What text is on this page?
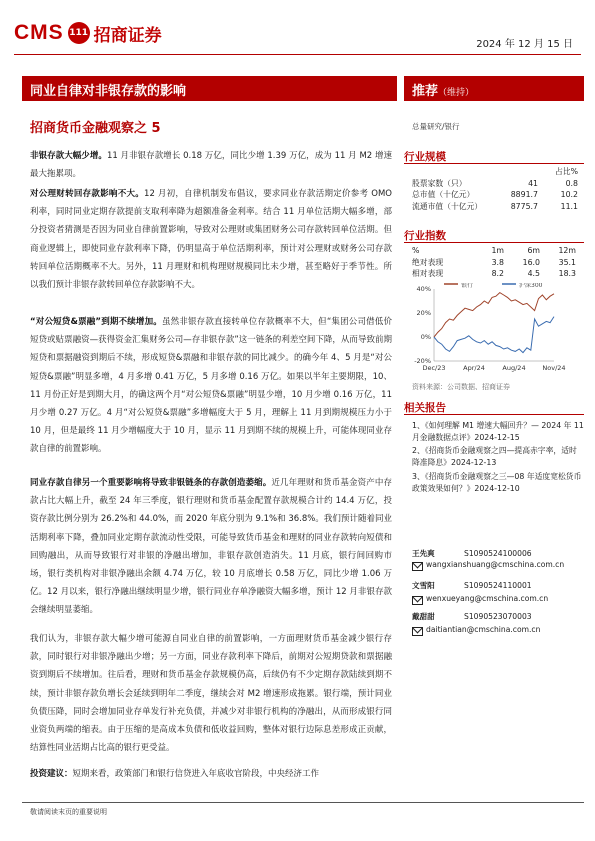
CMS 111 招商证券	2024 年 12 月 15 日
同业自律对非银存款的影响
招商货币金融观察之 5
推荐（维持）
总量研究/银行
非银存款大幅少增。11 月非银存款增长 0.18 万亿，同比少增 1.39 万亿，成为 11 月 M2 增速最大拖累项。
对公理财转回存款影响不大。12 月初，自律机制发布倡议，要求同业存款活期定价参考 OMO 利率，同时同业定期存款提前支取利率降为超额准备金利率。结合 11 月单位活期大幅多增，部分投资者猜测是否因为同业自律前置影响，导致对公理财或集团财务公司存款转回单位活期。但商业逻辑上，即使同业存款利率下降，仍明显高于单位活期利率，预计对公理财或财务公司存款转回单位活期概率不大。另外，11 月理财和机构理财规模同比未少增，甚至略好于季节性。所以我们预计非银存款转回单位存款影响不大。
“对公短贷&票融”到期不续增加。虽然非银存款直接转单位存款概率不大，但“集团公司借低价短贷或贴票融资—获得资金汇集财务公司—存非银存款”这一链条的利差空间下降，从而导致前期短贷和票据融资到期后不续，形成短贷&票融和非银存款的同比减少。的确今年 4、5 月是“对公短贷&票融”明显多增，4 月多增 0.41 万亿，5 月多增 0.16 万亿。如果以半年主要期限，10、11 月份正好是到期大月，的确这两个月“对公短贷&票融”明显少增，10 月少增 0.16 万亿，11 月少增 0.27 万亿。4 月“对公短贷&票融”多增幅度大于 5 月，理解上 11 月到期规模压力小于 10 月，但是最终 11 月少增幅度大于 10 月，显示 11 月到期不续的规模上升，可能体现同业存款自律的前置影响。
同业存款自律另一个重要影响将导致非银链条的存款创造萎缩。近几年理财和货币基金资产中存款占比大幅上升，截至 24 年三季度，银行理财和货币基金配置存款规模合计约 14.4 万亿，投资存款比例分别为 26.2%和 44.0%，而 2020 年底分别为 9.1%和 36.8%。我们预计随着同业活期利率下降，叠加同业定期存款流动性受限，可能导致货币基金和理财的同业存款转向短债和回购融出，从而导致银行对非银的净融出增加，非银存款创造消失。11 月底，银行间回购市场，银行类机构对非银净融出余额 4.74 万亿，较 10 月底增长 0.58 万亿，同比少增 1.06 万亿。12 月以来，银行净融出继续明显少增，银行同业存单净融资大幅多增，预计 12 月非银存款会继续明显萎缩。
我们认为，非银存款大幅少增可能源自同业自律的前置影响，一方面理财货币基金减少银行存款，同时银行对非银净融出少增；另一方面，同业存款利率下降后，前期对公短期贷款和票据融资到期后不续增加。往后看，理财和货币基金存款规模仍高，后续仍有不少定期存款陆续到期不续，预计非银存款负增长会延续到明年二季度，继续会对 M2 增速形成拖累。银行端，预计同业负债压降，同时会增加同业存单发行补充负债，并减少对非银行机构的净融出，从而形成银行同业资负两端的缩表。由于压缩的是高成本负债和低收益回购，整体对银行边际息差形成正贡献，结算性同业活期占比高的银行更受益。
投资建议：短期来看，政策部门和银行信贷进入年底收官阶段，中央经济工作
行业规模
占比%
股票家数（只）	41	0.8
总市值（十亿元）	8891.7	10.2
流通市值（十亿元）	8775.7	11.1
行业指数
%	1m	6m	12m
绝对表现	3.8	16.0	35.1
相对表现	8.2	4.5	18.3
银行	沪深300
40%
20%
0%
-20%
Dec/23	Apr/24	Aug/24	Nov/24
资料来源：公司数据、招商证券
相关报告
1、《如何理解 M1 增速大幅回升？— 2024 年 11 月金融数据点评》2024-12-15
2、《招商货币金融观察之四—提高赤字率，适时降准降息》2024-12-13
3、《招商货币金融观察之三—08 年适度宽松货币政策效果如何？》2024-12-10
王先爽	S1090524100006
wangxianshuang@cmschina.com.cn
文雪阳	S1090524110001
wenxueyang@cmschina.com.cn
戴甜甜	S1090523070003
daitiantian@cmschina.com.cn
敬请阅读末页的重要说明
